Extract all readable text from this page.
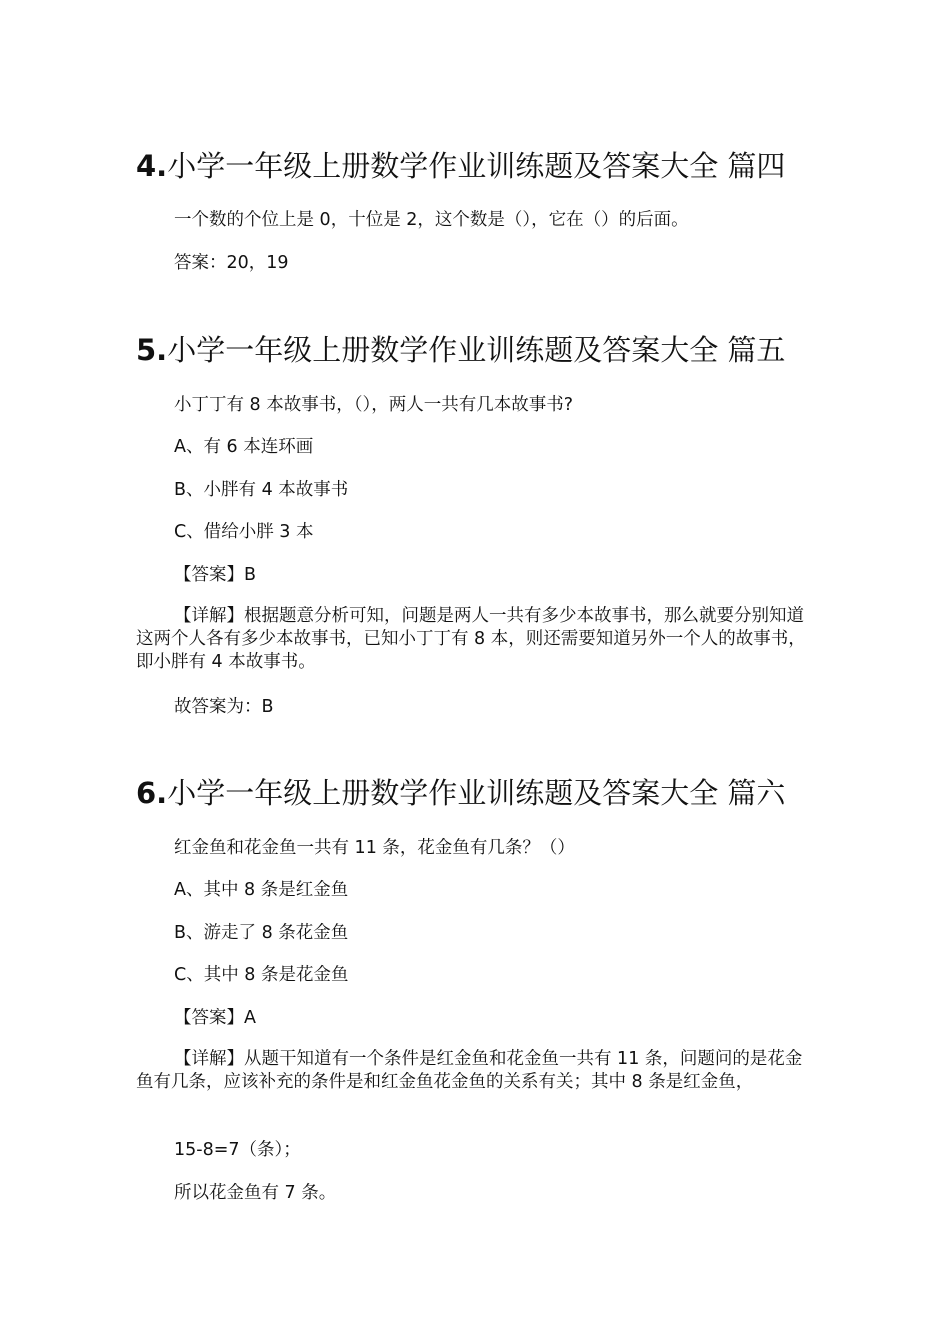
4.小学一年级上册数学作业训练题及答案大全 篇四
一个数的个位上是 0，十位是 2，这个数是（），它在（）的后面。
答案：20，19
5.小学一年级上册数学作业训练题及答案大全 篇五
小丁丁有 8 本故事书，（），两人一共有几本故事书?
A、有 6 本连环画
B、小胖有 4 本故事书
C、借给小胖 3 本
【答案】B
【详解】根据题意分析可知，问题是两人一共有多少本故事书，那么就要分别知道这两个人各有多少本故事书，已知小丁丁有 8 本，则还需要知道另外一个人的故事书，即小胖有 4 本故事书。
故答案为：B
6.小学一年级上册数学作业训练题及答案大全 篇六
红金鱼和花金鱼一共有 11 条，花金鱼有几条？（）
A、其中 8 条是红金鱼
B、游走了 8 条花金鱼
C、其中 8 条是花金鱼
【答案】A
【详解】从题干知道有一个条件是红金鱼和花金鱼一共有 11 条，问题问的是花金鱼有几条，应该补充的条件是和红金鱼花金鱼的关系有关；其中 8 条是红金鱼，
15-8=7（条）；
所以花金鱼有 7 条。
